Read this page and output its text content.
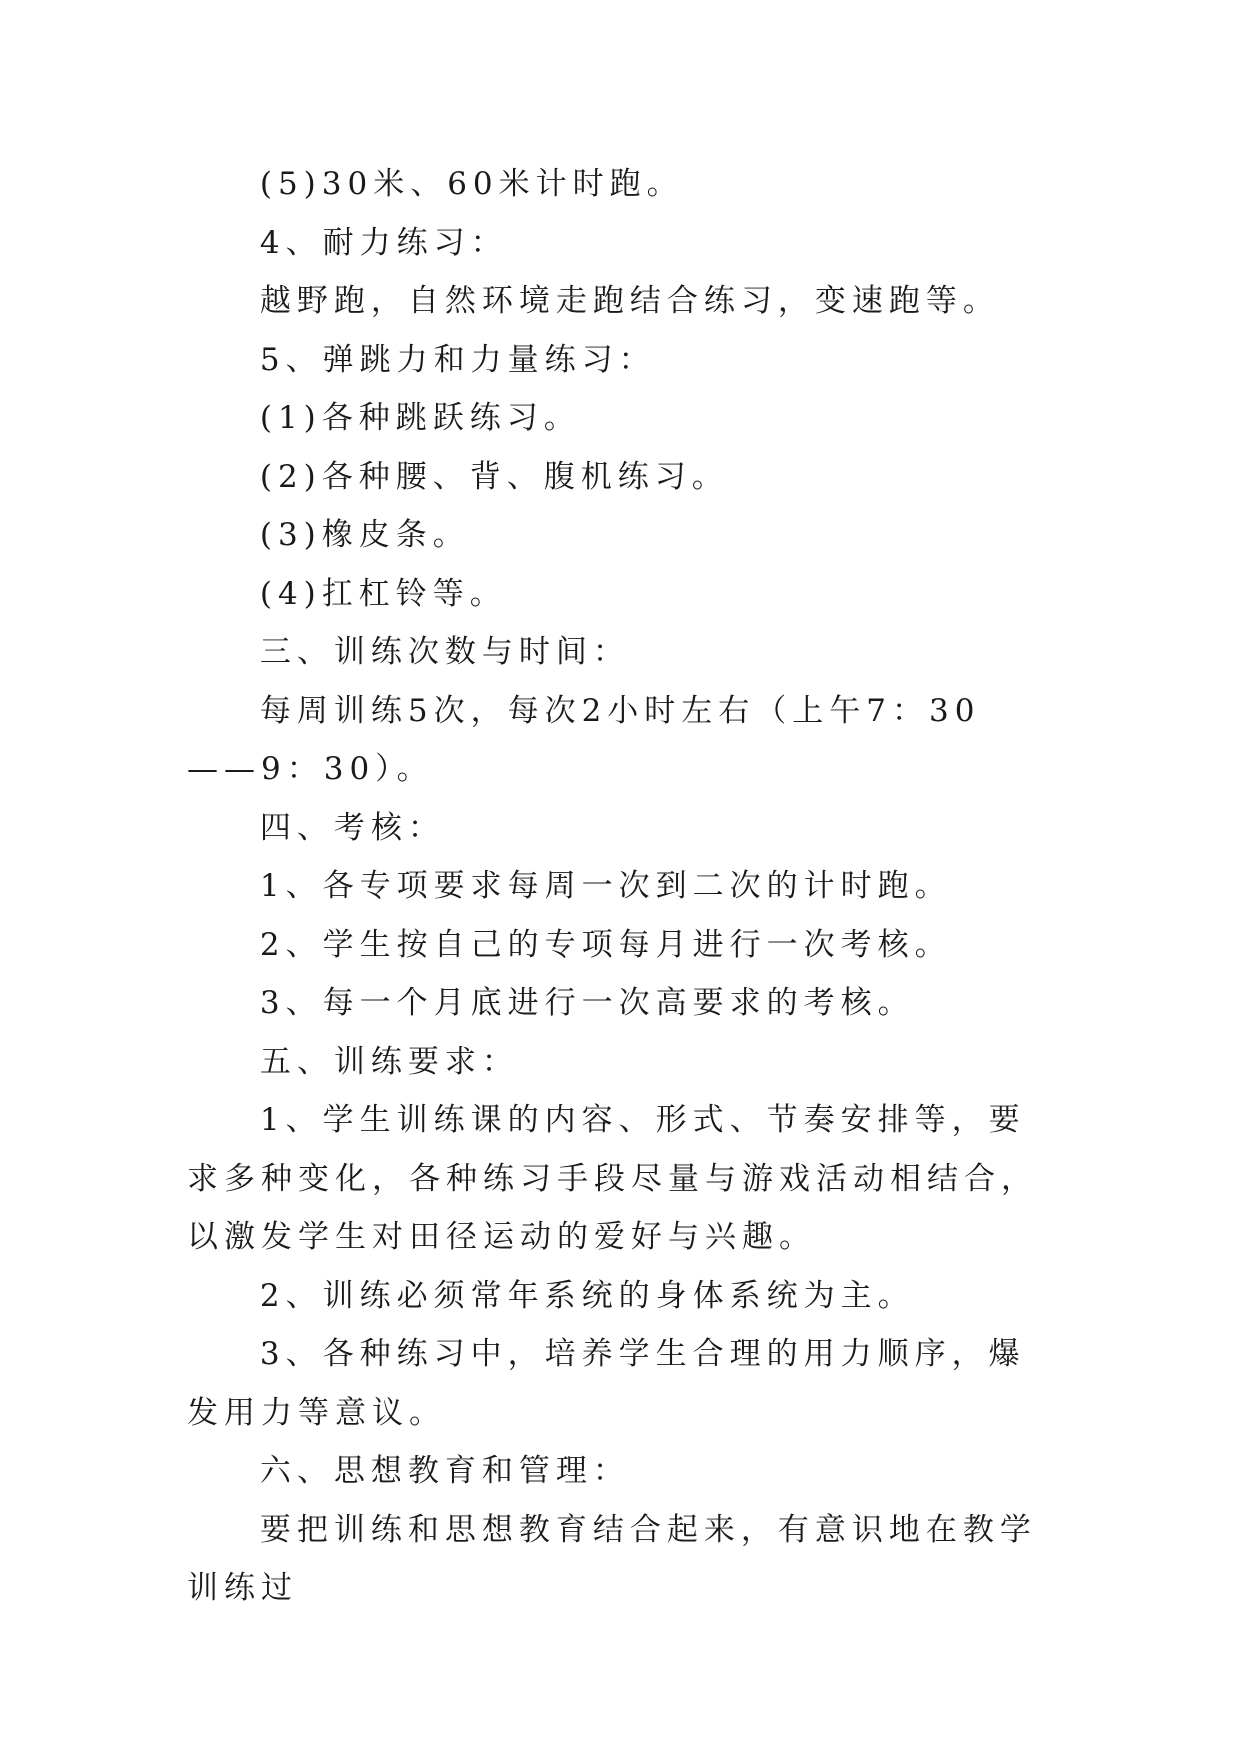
(5)30米、60米计时跑。

4、耐力练习：

越野跑，自然环境走跑结合练习，变速跑等。

5、弹跳力和力量练习：

(1)各种跳跃练习。

(2)各种腰、背、腹机练习。

(3)橡皮条。

(4)扛杠铃等。

三、训练次数与时间：

每周训练5次，每次2小时左右（上午7：30——9：30）。

四、考核：

1、各专项要求每周一次到二次的计时跑。

2、学生按自己的专项每月进行一次考核。

3、每一个月底进行一次高要求的考核。

五、训练要求：

1、学生训练课的内容、形式、节奏安排等，要求多种变化，各种练习手段尽量与游戏活动相结合，以激发学生对田径运动的爱好与兴趣。

2、训练必须常年系统的身体系统为主。

3、各种练习中，培养学生合理的用力顺序，爆发用力等意议。

六、思想教育和管理：

要把训练和思想教育结合起来，有意识地在教学训练过
